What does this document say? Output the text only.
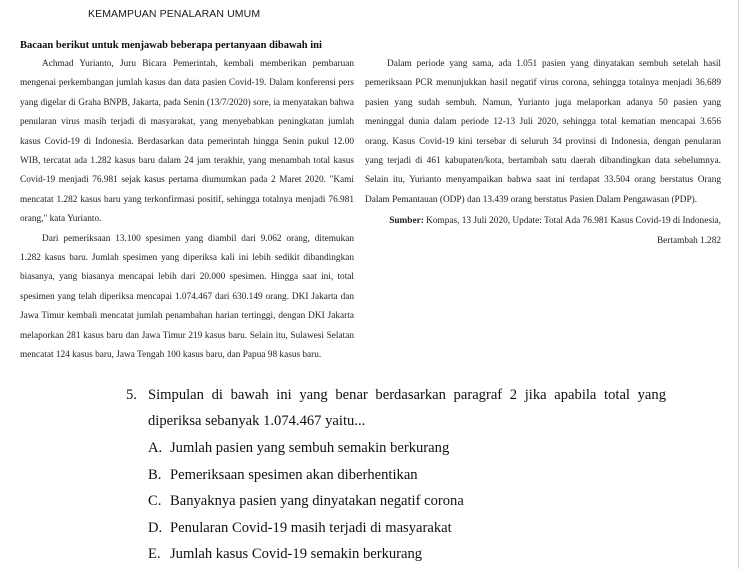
KEMAMPUAN PENALARAN UMUM
Bacaan berikut untuk menjawab beberapa pertanyaan dibawah ini

Achmad Yurianto, Juru Bicara Pemerintah, kembali memberikan pembaruan mengenai perkembangan jumlah kasus dan data pasien Covid-19. Dalam konferensi pers yang digelar di Graha BNPB, Jakarta, pada Senin (13/7/2020) sore, ia menyatakan bahwa penularan virus masih terjadi di masyarakat, yang menyebabkan peningkatan jumlah kasus Covid-19 di Indonesia. Berdasarkan data pemerintah hingga Senin pukul 12.00 WIB, tercatat ada 1.282 kasus baru dalam 24 jam terakhir, yang menambah total kasus Covid-19 menjadi 76.981 sejak kasus pertama diumumkan pada 2 Maret 2020. "Kami mencatat 1.282 kasus baru yang terkonfirmasi positif, sehingga totalnya menjadi 76.981 orang," kata Yurianto.

Dari pemeriksaan 13.100 spesimen yang diambil dari 9.062 orang, ditemukan 1.282 kasus baru. Jumlah spesimen yang diperiksa kali ini lebih sedikit dibandingkan biasanya, yang biasanya mencapai lebih dari 20.000 spesimen. Hingga saat ini, total spesimen yang telah diperiksa mencapai 1.074.467 dari 630.149 orang. DKI Jakarta dan Jawa Timur kembali mencatat jumlah penambahan harian tertinggi, dengan DKI Jakarta melaporkan 281 kasus baru dan Jawa Timur 219 kasus baru. Selain itu, Sulawesi Selatan mencatat 124 kasus baru, Jawa Tengah 100 kasus baru, dan Papua 98 kasus baru.

Dalam periode yang sama, ada 1.051 pasien yang dinyatakan sembuh setelah hasil pemeriksaan PCR menunjukkan hasil negatif virus corona, sehingga totalnya menjadi 36.689 pasien yang sudah sembuh. Namun, Yurianto juga melaporkan adanya 50 pasien yang meninggal dunia dalam periode 12-13 Juli 2020, sehingga total kematian mencapai 3.656 orang. Kasus Covid-19 kini tersebar di seluruh 34 provinsi di Indonesia, dengan penularan yang terjadi di 461 kabupaten/kota, bertambah satu daerah dibandingkan data sebelumnya. Selain itu, Yurianto menyampaikan bahwa saat ini terdapat 33.504 orang berstatus Orang Dalam Pemantauan (ODP) dan 13.439 orang berstatus Pasien Dalam Pengawasan (PDP).

Sumber: Kompas, 13 Juli 2020, Update: Total Ada 76.981 Kasus Covid-19 di Indonesia, Bertambah 1.282

5. Simpulan di bawah ini yang benar berdasarkan paragraf 2 jika apabila total yang diperiksa sebanyak 1.074.467 yaitu...
A. Jumlah pasien yang sembuh semakin berkurang
B. Pemeriksaan spesimen akan diberhentikan
C. Banyaknya pasien yang dinyatakan negatif corona
D. Penularan Covid-19 masih terjadi di masyarakat
E. Jumlah kasus Covid-19 semakin berkurang
